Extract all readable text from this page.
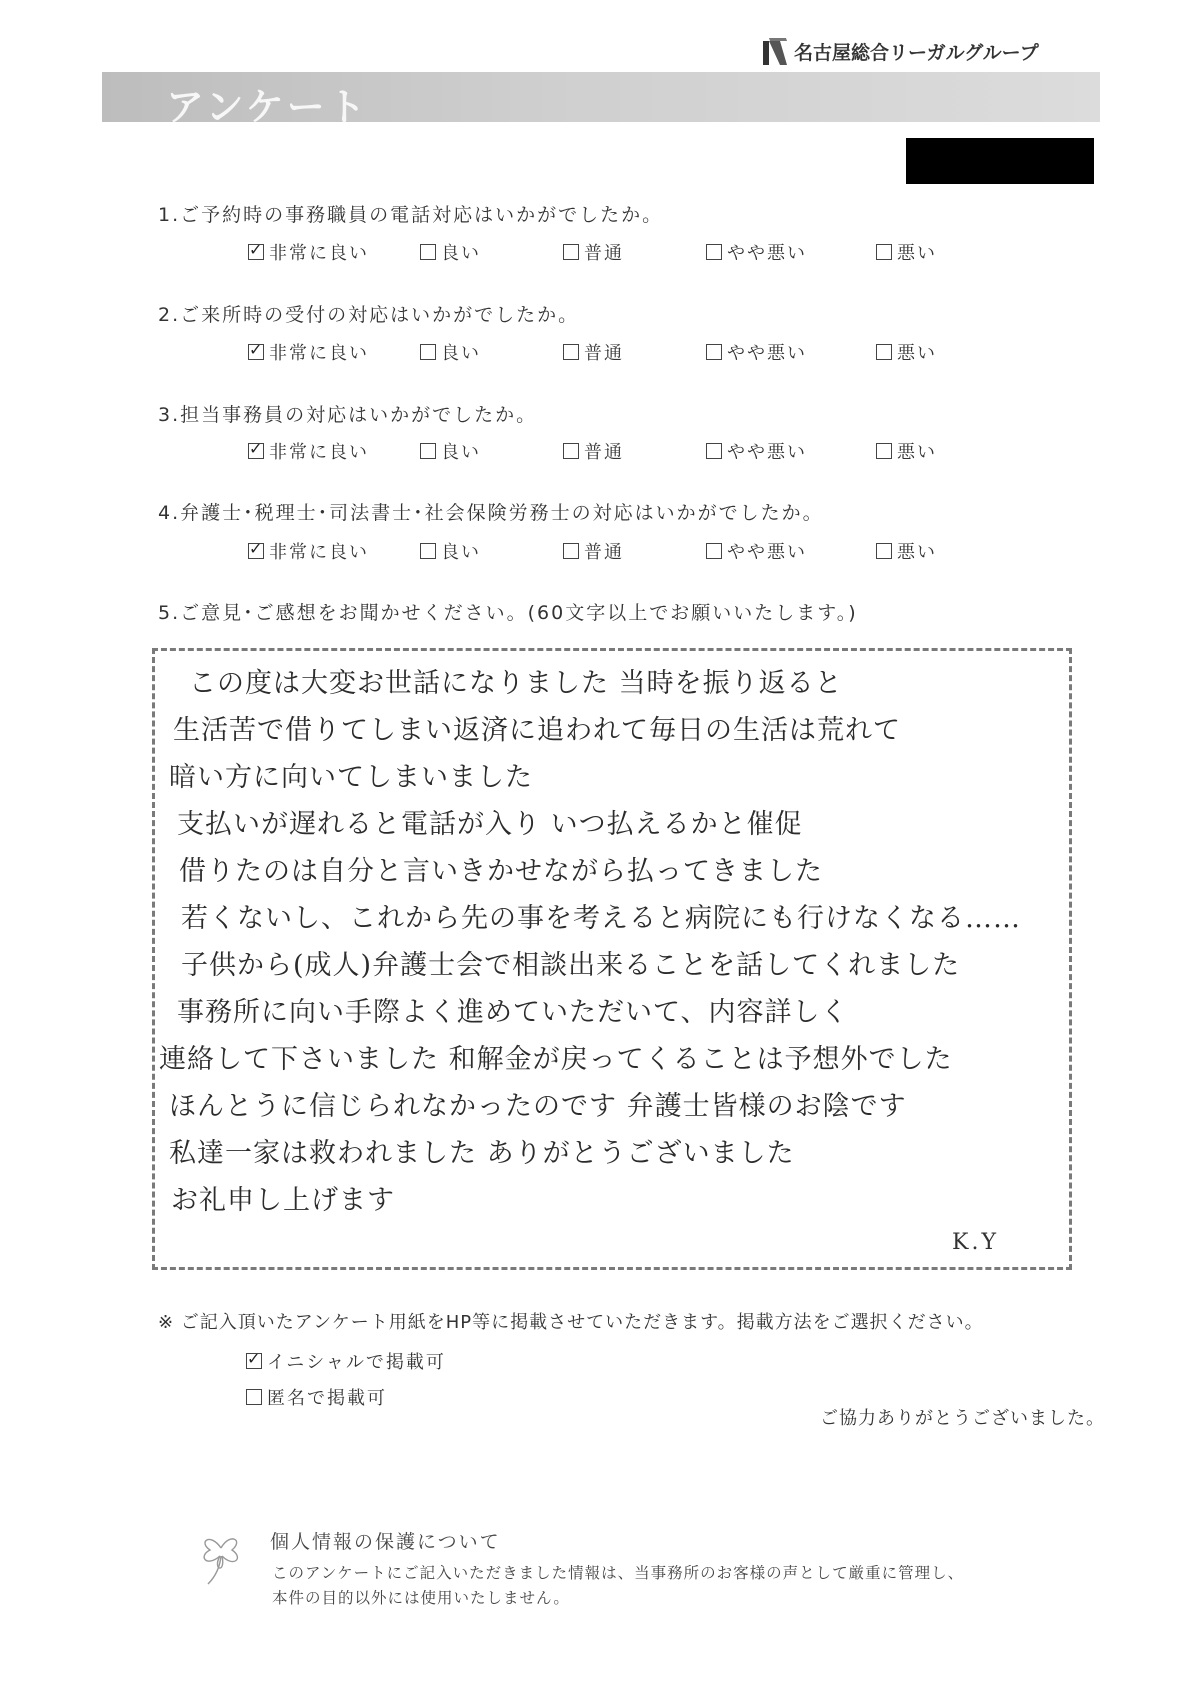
名古屋総合リーガルグループ
アンケート
1.ご予約時の事務職員の電話対応はいかがでしたか。
✓
非常に良い	良い	普通	やや悪い	悪い
2.ご来所時の受付の対応はいかがでしたか。
✓
非常に良い	良い	普通	やや悪い	悪い
3.担当事務員の対応はいかがでしたか。
✓
非常に良い	良い	普通	やや悪い	悪い
4.弁護士･税理士･司法書士･社会保険労務士の対応はいかがでしたか。
✓
非常に良い	良い	普通	やや悪い	悪い
5.ご意見･ご感想をお聞かせください。(60文字以上でお願いいたします。)
この度は大変お世話になりました 当時を振り返ると
生活苦で借りてしまい返済に追われて毎日の生活は荒れて
暗い方に向いてしまいました
支払いが遅れると電話が入り いつ払えるかと催促
借りたのは自分と言いきかせながら払ってきました
若くないし、これから先の事を考えると病院にも行けなくなる……
子供から(成人)弁護士会で相談出来ることを話してくれました
事務所に向い手際よく進めていただいて、内容詳しく
連絡して下さいました 和解金が戻ってくることは予想外でした
ほんとうに信じられなかったのです 弁護士皆様のお陰です
私達一家は救われました ありがとうございました
お礼申し上げます
K.Y
※ ご記入頂いたアンケート用紙をHP等に掲載させていただきます。掲載方法をご選択ください。
✓
イニシャルで掲載可
匿名で掲載可
ご協力ありがとうございました。
個人情報の保護について
このアンケートにご記入いただきました情報は、当事務所のお客様の声として厳重に管理し、
本件の目的以外には使用いたしません。
